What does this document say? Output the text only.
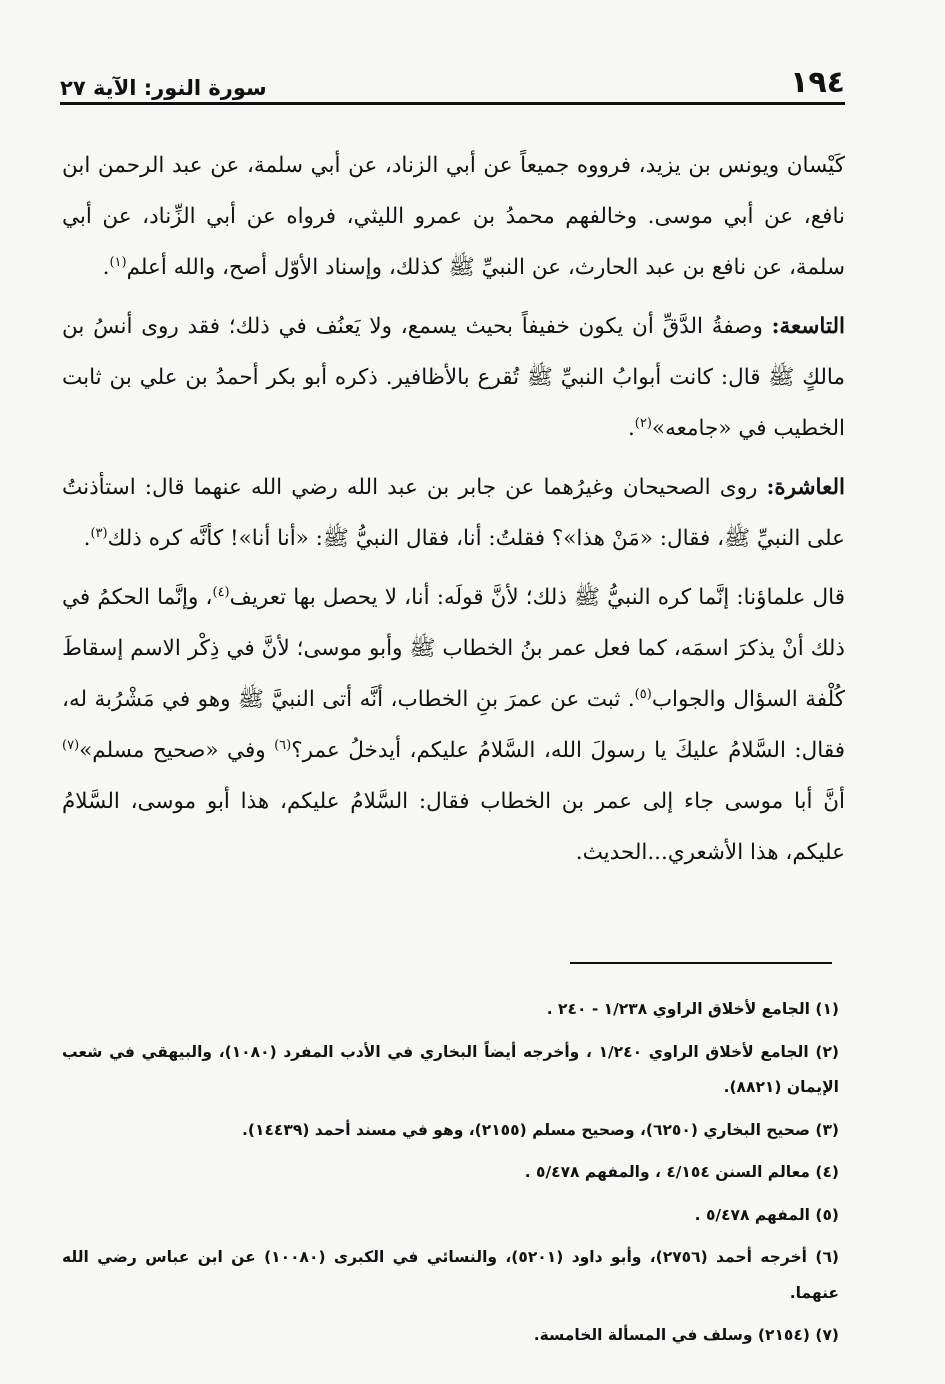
١٩٤
سورة النور: الآية ٢٧

كَيْسان ويونس بن يزيد، فرووه جميعاً عن أبي الزناد، عن أبي سلمة، عن عبد الرحمن ابن نافع، عن أبي موسى. وخالفهم محمدُ بن عمرو الليثي، فرواه عن أبي الزِّناد، عن أبي سلمة، عن نافع بن عبد الحارث، عن النبيِّ ﷺ كذلك، وإسناد الأوّل أصح، والله أعلم$^{(١)}$.

التاسعة: وصفةُ الدَّقِّ أن يكون خفيفاً بحيث يسمع، ولا يَعنُف في ذلك؛ فقد روى أنسُ بن مالكٍ ﷺ قال: كانت أبوابُ النبيِّ ﷺ تُقرع بالأظافير. ذكره أبو بكر أحمدُ بن علي بن ثابت الخطيب في «جامعه»$^{(٢)}$.

العاشرة: روى الصحيحان وغيرُهما عن جابر بن عبد الله رضي الله عنهما قال: استأذنتُ على النبيِّ ﷺ، فقال: «مَنْ هذا»؟ فقلتُ: أنا، فقال النبيُّ ﷺ: «أنا أنا»! كأنَّه كره ذلك$^{(٣)}$.

قال علماؤنا: إنَّما كره النبيُّ ﷺ ذلك؛ لأنَّ قولَه: أنا، لا يحصل بها تعريف$^{(٤)}$، وإنَّما الحكمُ في ذلك أنْ يذكرَ اسمَه، كما فعل عمر بنُ الخطاب ﷺ وأبو موسى؛ لأنَّ في ذِكْر الاسم إسقاطَ كُلْفة السؤال والجواب$^{(٥)}$. ثبت عن عمرَ بنِ الخطاب، أنَّه أتى النبيَّ ﷺ وهو في مَشْرُبة له، فقال: السَّلامُ عليكَ يا رسولَ الله، السَّلامُ عليكم، أيدخلُ عمر؟$^{(٦)}$ وفي «صحيح مسلم»$^{(٧)}$ أنَّ أبا موسى جاء إلى عمر بن الخطاب فقال: السَّلامُ عليكم، هذا أبو موسى، السَّلامُ عليكم، هذا الأشعري...الحديث.

(١) الجامع لأخلاق الراوي ١/٢٣٨ - ٢٤٠ .
(٢) الجامع لأخلاق الراوي ١/٢٤٠ ، وأخرجه أيضاً البخاري في الأدب المفرد (١٠٨٠)، والبيهقي في شعب الإيمان (٨٨٢١).
(٣) صحيح البخاري (٦٢٥٠)، وصحيح مسلم (٢١٥٥)، وهو في مسند أحمد (١٤٤٣٩).
(٤) معالم السنن ٤/١٥٤ ، والمفهم ٥/٤٧٨ .
(٥) المفهم ٥/٤٧٨ .
(٦) أخرجه أحمد (٢٧٥٦)، وأبو داود (٥٢٠١)، والنسائي في الكبرى (١٠٠٨٠) عن ابن عباس رضي الله عنهما.
(٧) (٢١٥٤) وسلف في المسألة الخامسة.
